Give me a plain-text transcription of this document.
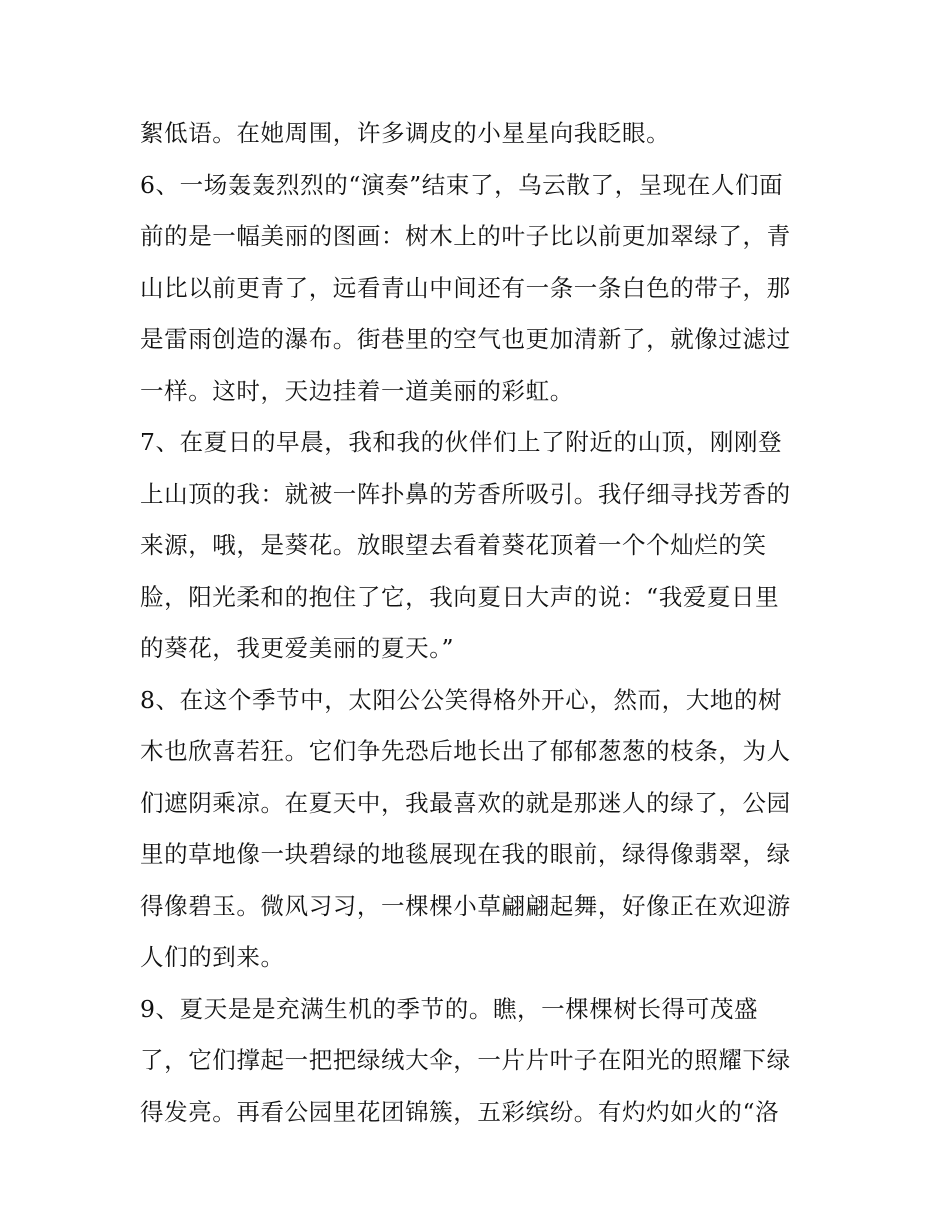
絮低语。在她周围，许多调皮的小星星向我眨眼。
6、一场轰轰烈烈的“演奏”结束了，乌云散了，呈现在人们面
前的是一幅美丽的图画：树木上的叶子比以前更加翠绿了，青
山比以前更青了，远看青山中间还有一条一条白色的带子，那
是雷雨创造的瀑布。街巷里的空气也更加清新了，就像过滤过
一样。这时，天边挂着一道美丽的彩虹。
7、在夏日的早晨，我和我的伙伴们上了附近的山顶，刚刚登
上山顶的我：就被一阵扑鼻的芳香所吸引。我仔细寻找芳香的
来源，哦，是葵花。放眼望去看着葵花顶着一个个灿烂的笑
脸，阳光柔和的抱住了它，我向夏日大声的说：“我爱夏日里
的葵花，我更爱美丽的夏天。”
8、在这个季节中，太阳公公笑得格外开心，然而，大地的树
木也欣喜若狂。它们争先恐后地长出了郁郁葱葱的枝条，为人
们遮阴乘凉。在夏天中，我最喜欢的就是那迷人的绿了，公园
里的草地像一块碧绿的地毯展现在我的眼前，绿得像翡翠，绿
得像碧玉。微风习习，一棵棵小草翩翩起舞，好像正在欢迎游
人们的到来。
9、夏天是是充满生机的季节的。瞧，一棵棵树长得可茂盛
了，它们撑起一把把绿绒大伞，一片片叶子在阳光的照耀下绿
得发亮。再看公园里花团锦簇，五彩缤纷。有灼灼如火的“洛
